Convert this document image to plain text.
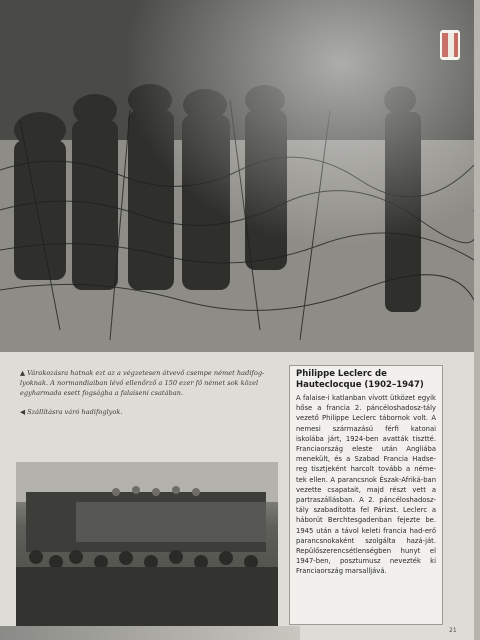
▲ Várakozásra hatnak ezt az a végzetesen átvevő csempe német hadifog-lyoknak. A normandiaiban lévő ellenőrző a 150 ezer fő német sok közel egyharmada esett fogságba a falaiseni csatában.

◀ Szállításra váró hadifoglyok.

Philippe Leclerc de Hauteclocque (1902–1947)

A falaise-i katlanban vívott ütközet egyik hőse a francia 2. páncéloshadosz-tály vezető Philippe Leclerc tábornok volt. A nemesi származású férfi katonai iskolába járt, 1924-ben avatták tisztté. Franciaország eleste után Angliába menekült, és a Szabad Francia Hadse-reg tisztjeként harcolt tovább a néme-tek ellen. A parancsnok Észak-Afriká-ban vezette csapatait, majd részt vett a partraszállásban. A 2. páncéloshadosz-tály szabadította fel Párizst. Leclerc a háborút Berchtesgadenban fejezte be. 1945 után a távol keleti francia had-erő parancsnokaként szolgálta hazá-ját. Repülőszerencsétlenségben hunyt el 1947-ben, posztumusz nevezték ki Franciaország marsalljává.

21
